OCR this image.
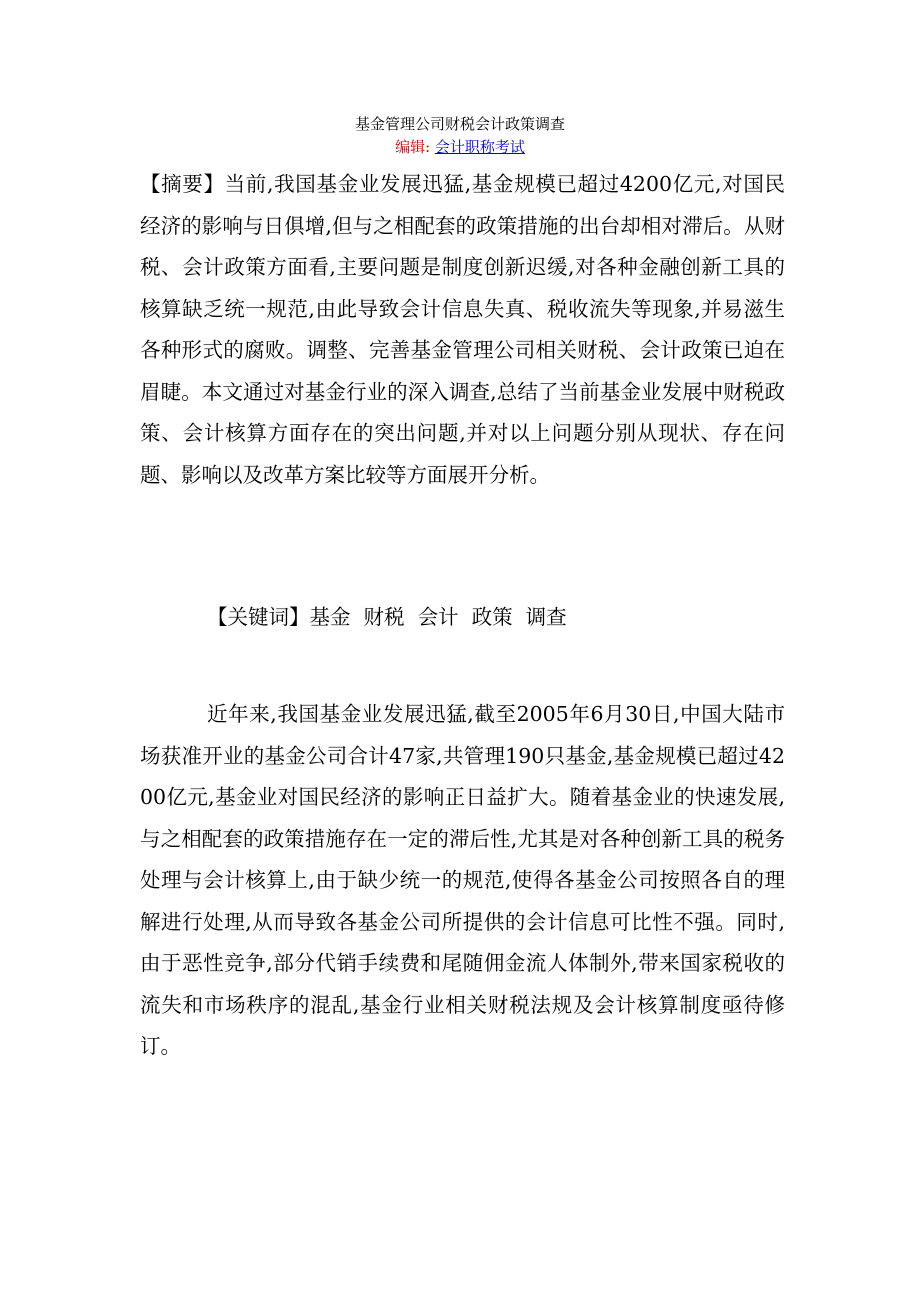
基金管理公司财税会计政策调查
编辑: 会计职称考试
【摘要】当前,我国基金业发展迅猛,基金规模已超过4200亿元,对国民经济的影响与日俱增,但与之相配套的政策措施的出台却相对滞后。从财税、会计政策方面看,主要问题是制度创新迟缓,对各种金融创新工具的核算缺乏统一规范,由此导致会计信息失真、税收流失等现象,并易滋生各种形式的腐败。调整、完善基金管理公司相关财税、会计政策已迫在眉睫。本文通过对基金行业的深入调查,总结了当前基金业发展中财税政策、会计核算方面存在的突出问题,并对以上问题分别从现状、存在问题、影响以及改革方案比较等方面展开分析。
【关键词】基金  财税  会计  政策  调查
近年来,我国基金业发展迅猛,截至2005年6月30日,中国大陆市场获准开业的基金公司合计47家,共管理190只基金,基金规模已超过4200亿元,基金业对国民经济的影响正日益扩大。随着基金业的快速发展,与之相配套的政策措施存在一定的滞后性,尤其是对各种创新工具的税务处理与会计核算上,由于缺少统一的规范,使得各基金公司按照各自的理解进行处理,从而导致各基金公司所提供的会计信息可比性不强。同时,由于恶性竞争,部分代销手续费和尾随佣金流人体制外,带来国家税收的流失和市场秩序的混乱,基金行业相关财税法规及会计核算制度亟待修订。
